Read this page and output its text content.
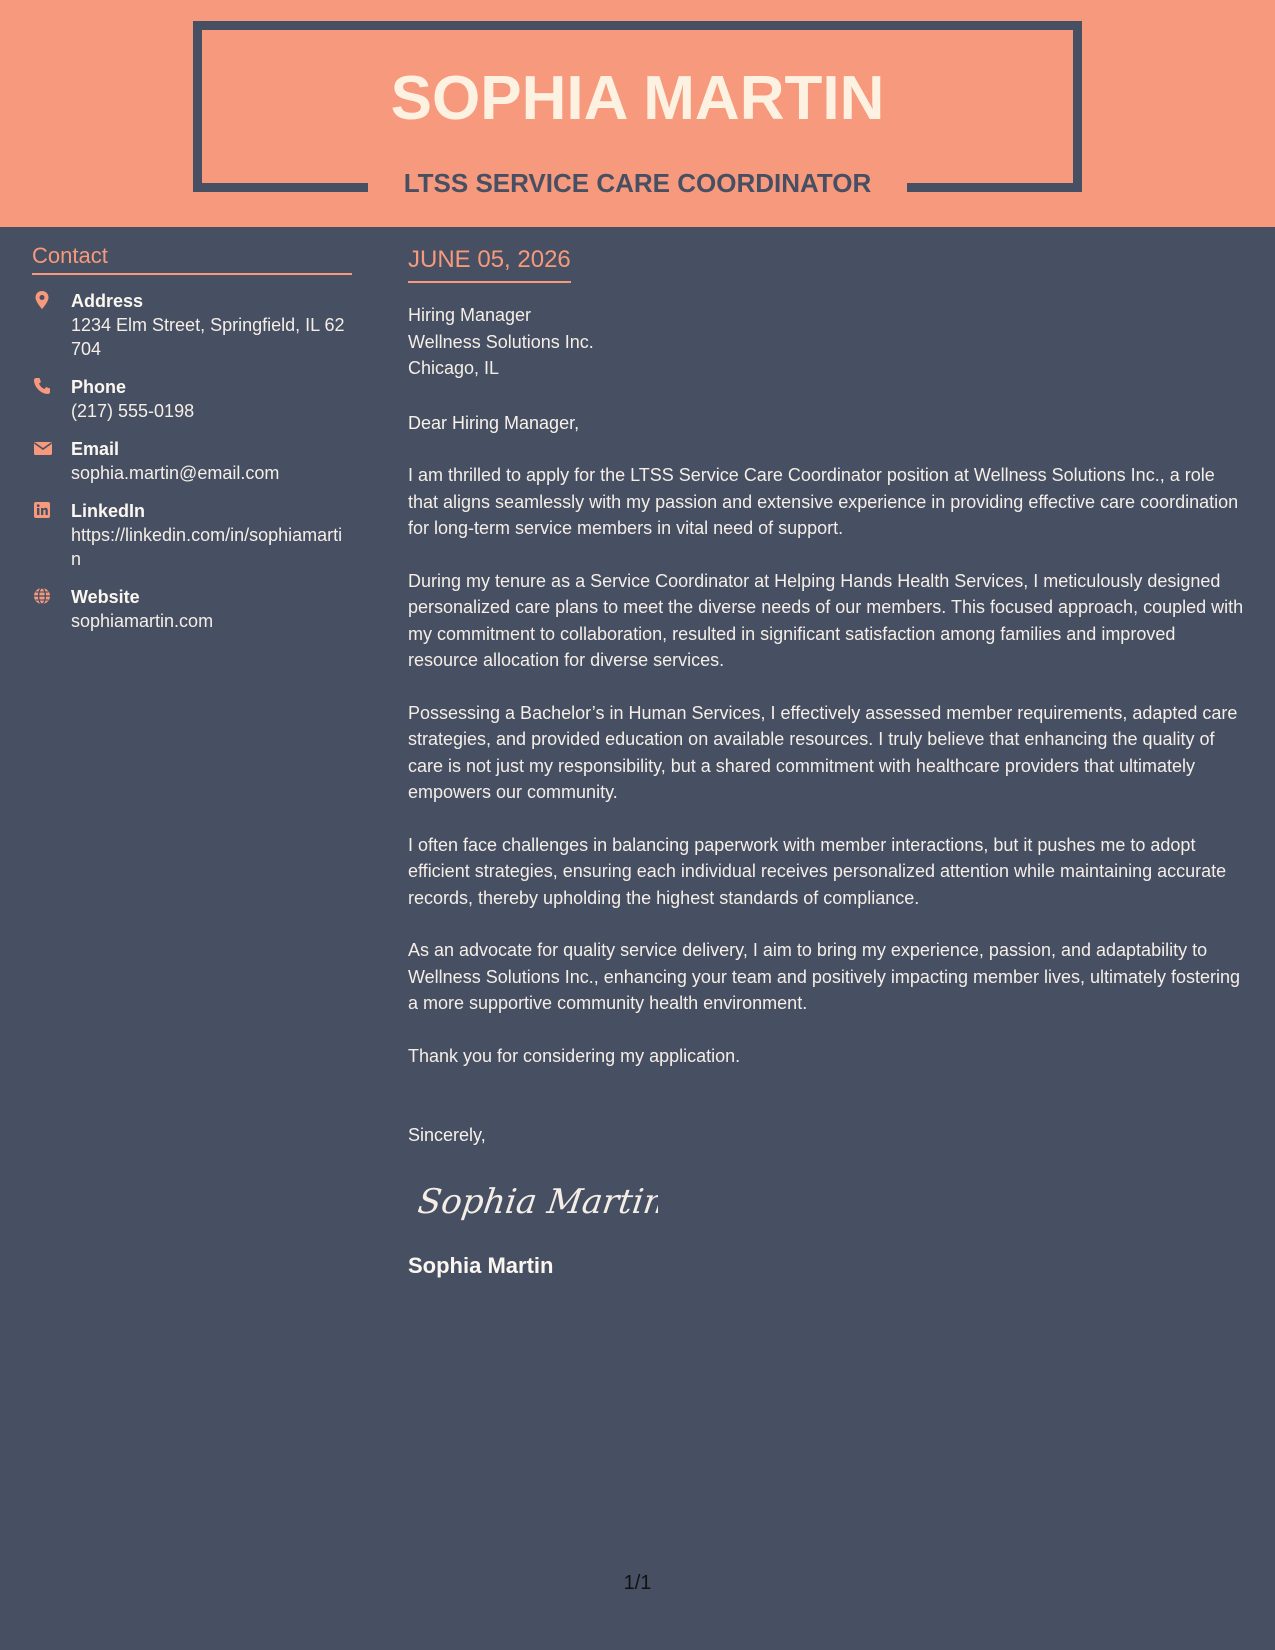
SOPHIA MARTIN
LTSS SERVICE CARE COORDINATOR
Contact
Address
1234 Elm Street, Springfield, IL 62704
Phone
(217) 555-0198
Email
sophia.martin@email.com
LinkedIn
https://linkedin.com/in/sophiamartin
Website
sophiamartin.com
JUNE 05, 2026
Hiring Manager
Wellness Solutions Inc.
Chicago, IL
Dear Hiring Manager,
I am thrilled to apply for the LTSS Service Care Coordinator position at Wellness Solutions Inc., a role that aligns seamlessly with my passion and extensive experience in providing effective care coordination for long-term service members in vital need of support.
During my tenure as a Service Coordinator at Helping Hands Health Services, I meticulously designed personalized care plans to meet the diverse needs of our members. This focused approach, coupled with my commitment to collaboration, resulted in significant satisfaction among families and improved resource allocation for diverse services.
Possessing a Bachelor’s in Human Services, I effectively assessed member requirements, adapted care strategies, and provided education on available resources. I truly believe that enhancing the quality of care is not just my responsibility, but a shared commitment with healthcare providers that ultimately empowers our community.
I often face challenges in balancing paperwork with member interactions, but it pushes me to adopt efficient strategies, ensuring each individual receives personalized attention while maintaining accurate records, thereby upholding the highest standards of compliance.
As an advocate for quality service delivery, I aim to bring my experience, passion, and adaptability to Wellness Solutions Inc., enhancing your team and positively impacting member lives, ultimately fostering a more supportive community health environment.
Thank you for considering my application.
Sincerely,
Sophia Martin
Sophia Martin
1/1
